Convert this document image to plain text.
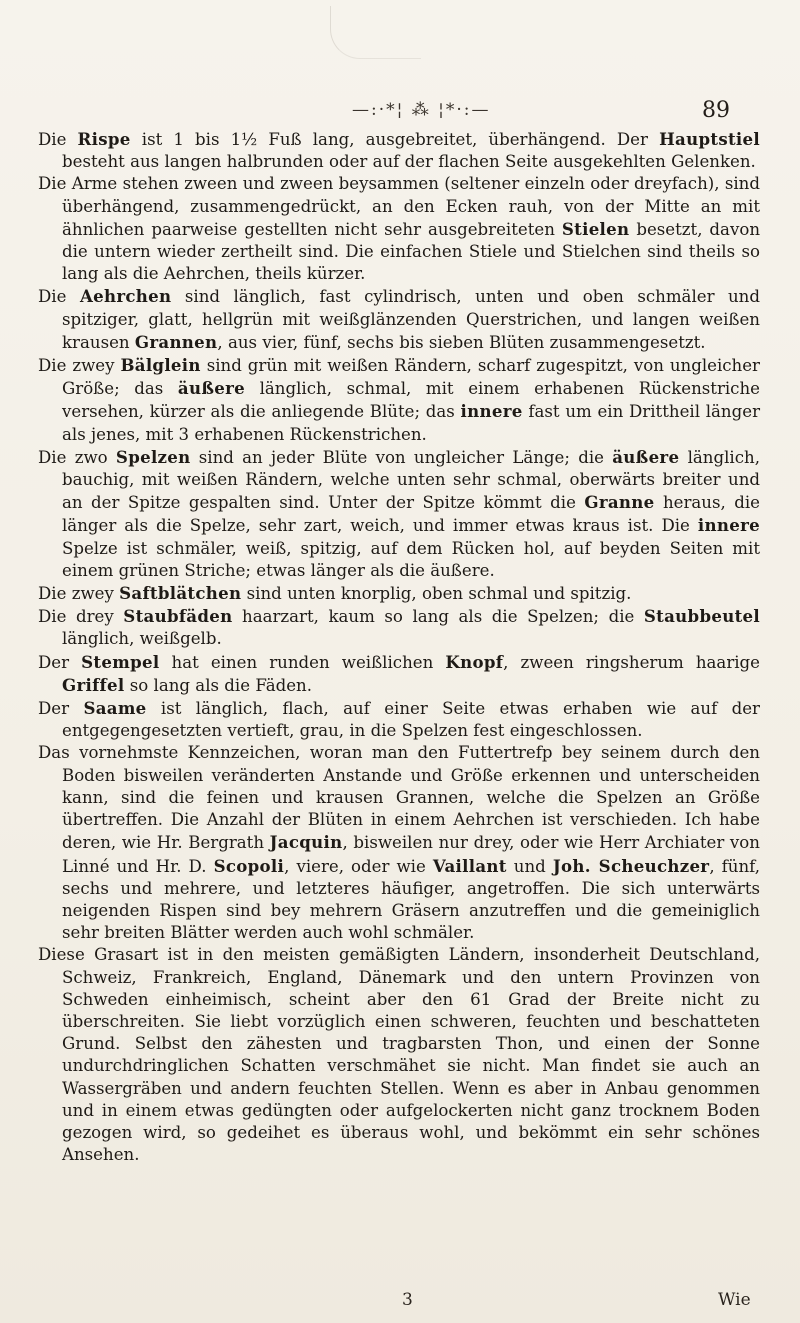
—:·*¦ ⁂ ¦*·:—	89

Die Rispe ist 1 bis 1½ Fuß lang, ausgebreitet, überhängend. Der Hauptstiel besteht aus langen halbrunden oder auf der flachen Seite ausgekehlten Gelenken.

Die Arme stehen zween und zween beysammen (seltener einzeln oder dreyfach), sind überhängend, zusammengedrückt, an den Ecken rauh, von der Mitte an mit ähnlichen paarweise gestellten nicht sehr ausgebreiteten Stielen besetzt, davon die untern wieder zertheilt sind. Die einfachen Stiele und Stielchen sind theils so lang als die Aehrchen, theils kürzer.

Die Aehrchen sind länglich, fast cylindrisch, unten und oben schmäler und spitziger, glatt, hellgrün mit weißglänzenden Querstrichen, und langen weißen krausen Grannen, aus vier, fünf, sechs bis sieben Blüten zusammengesetzt.

Die zwey Bälglein sind grün mit weißen Rändern, scharf zugespitzt, von ungleicher Größe; das äußere länglich, schmal, mit einem erhabenen Rückenstriche versehen, kürzer als die anliegende Blüte; das innere fast um ein Drittheil länger als jenes, mit 3 erhabenen Rückenstrichen.

Die zwo Spelzen sind an jeder Blüte von ungleicher Länge; die äußere länglich, bauchig, mit weißen Rändern, welche unten sehr schmal, oberwärts breiter und an der Spitze gespalten sind. Unter der Spitze kömmt die Granne heraus, die länger als die Spelze, sehr zart, weich, und immer etwas kraus ist. Die innere Spelze ist schmäler, weiß, spitzig, auf dem Rücken hol, auf beyden Seiten mit einem grünen Striche; etwas länger als die äußere.

Die zwey Saftblätchen sind unten knorplig, oben schmal und spitzig.

Die drey Staubfäden haarzart, kaum so lang als die Spelzen; die Staubbeutel länglich, weißgelb.

Der Stempel hat einen runden weißlichen Knopf, zween ringsherum haarige Griffel so lang als die Fäden.

Der Saame ist länglich, flach, auf einer Seite etwas erhaben wie auf der entgegengesetzten vertieft, grau, in die Spelzen fest eingeschlossen.

Das vornehmste Kennzeichen, woran man den Futtertrefp bey seinem durch den Boden bisweilen veränderten Anstande und Größe erkennen und unterscheiden kann, sind die feinen und krausen Grannen, welche die Spelzen an Größe übertreffen. Die Anzahl der Blüten in einem Aehrchen ist verschieden. Ich habe deren, wie Hr. Bergrath Jacquin, bisweilen nur drey, oder wie Herr Archiater von Linné und Hr. D. Scopoli, viere, oder wie Vaillant und Joh. Scheuchzer, fünf, sechs und mehrere, und letzteres häufiger, angetroffen. Die sich unterwärts neigenden Rispen sind bey mehrern Gräsern anzutreffen und die gemeiniglich sehr breiten Blätter werden auch wohl schmäler.

Diese Grasart ist in den meisten gemäßigten Ländern, insonderheit Deutschland, Schweiz, Frankreich, England, Dänemark und den untern Provinzen von Schweden einheimisch, scheint aber den 61 Grad der Breite nicht zu überschreiten. Sie liebt vorzüglich einen schweren, feuchten und beschatteten Grund. Selbst den zähesten und tragbarsten Thon, und einen der Sonne undurchdringlichen Schatten verschmähet sie nicht. Man findet sie auch an Wassergräben und andern feuchten Stellen. Wenn es aber in Anbau genommen und in einem etwas gedüngten oder aufgelockerten nicht ganz trocknem Boden gezogen wird, so gedeihet es überaus wohl, und bekömmt ein sehr schönes Ansehen.

3	Wie
